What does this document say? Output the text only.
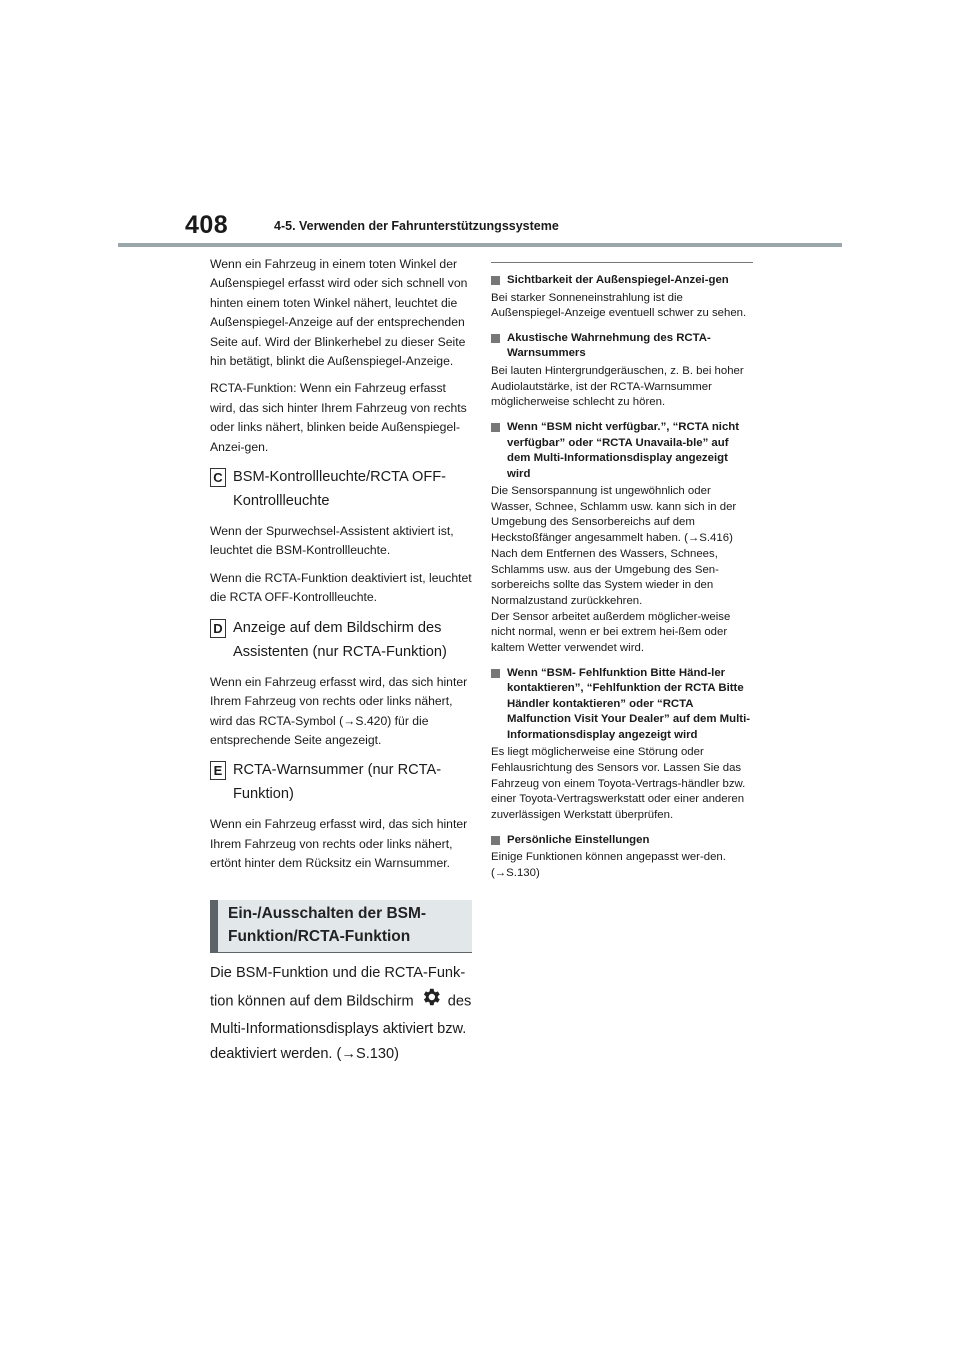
408	4-5. Verwenden der Fahrunterstützungssysteme

Wenn ein Fahrzeug in einem toten Winkel der Außenspiegel erfasst wird oder sich schnell von hinten einem toten Winkel nähert, leuchtet die Außenspiegel-Anzeige auf der entsprechenden Seite auf. Wird der Blinkerhebel zu dieser Seite hin betätigt, blinkt die Außenspiegel-Anzeige.

RCTA-Funktion: Wenn ein Fahrzeug erfasst wird, das sich hinter Ihrem Fahrzeug von rechts oder links nähert, blinken beide Außenspiegel-Anzei-gen.

C BSM-Kontrollleuchte/RCTA OFF-Kontrollleuchte

Wenn der Spurwechsel-Assistent aktiviert ist, leuchtet die BSM-Kontrollleuchte.

Wenn die RCTA-Funktion deaktiviert ist, leuchtet die RCTA OFF-Kontrollleuchte.

D Anzeige auf dem Bildschirm des Assistenten (nur RCTA-Funktion)

Wenn ein Fahrzeug erfasst wird, das sich hinter Ihrem Fahrzeug von rechts oder links nähert, wird das RCTA-Symbol (→S.420) für die entsprechende Seite angezeigt.

E RCTA-Warnsummer (nur RCTA-Funktion)

Wenn ein Fahrzeug erfasst wird, das sich hinter Ihrem Fahrzeug von rechts oder links nähert, ertönt hinter dem Rücksitz ein Warnsummer.

Ein-/Ausschalten der BSM-Funktion/RCTA-Funktion

Die BSM-Funktion und die RCTA-Funk-tion können auf dem Bildschirm des Multi-Informationsdisplays aktiviert bzw. deaktiviert werden. (→S.130)

Sichtbarkeit der Außenspiegel-Anzei-gen

Bei starker Sonneneinstrahlung ist die Außenspiegel-Anzeige eventuell schwer zu sehen.

Akustische Wahrnehmung des RCTA-Warnsummers

Bei lauten Hintergrundgeräuschen, z. B. bei hoher Audiolautstärke, ist der RCTA-Warnsummer möglicherweise schlecht zu hören.

Wenn “BSM nicht verfügbar.”, “RCTA nicht verfügbar” oder “RCTA Unavaila-ble” auf dem Multi-Informationsdisplay angezeigt wird

Die Sensorspannung ist ungewöhnlich oder Wasser, Schnee, Schlamm usw. kann sich in der Umgebung des Sensorbereichs auf dem Heckstoßfänger angesammelt haben. (→S.416)
Nach dem Entfernen des Wassers, Schnees, Schlamms usw. aus der Umgebung des Sen-sorbereichs sollte das System wieder in den Normalzustand zurückkehren.
Der Sensor arbeitet außerdem möglicher-weise nicht normal, wenn er bei extrem hei-ßem oder kaltem Wetter verwendet wird.

Wenn “BSM- Fehlfunktion Bitte Händ-ler kontaktieren”, “Fehlfunktion der RCTA Bitte Händler kontaktieren” oder “RCTA Malfunction Visit Your Dealer” auf dem Multi-Informationsdisplay angezeigt wird

Es liegt möglicherweise eine Störung oder Fehlausrichtung des Sensors vor. Lassen Sie das Fahrzeug von einem Toyota-Vertrags-händler bzw. einer Toyota-Vertragswerkstatt oder einer anderen zuverlässigen Werkstatt überprüfen.

Persönliche Einstellungen

Einige Funktionen können angepasst wer-den. (→S.130)
